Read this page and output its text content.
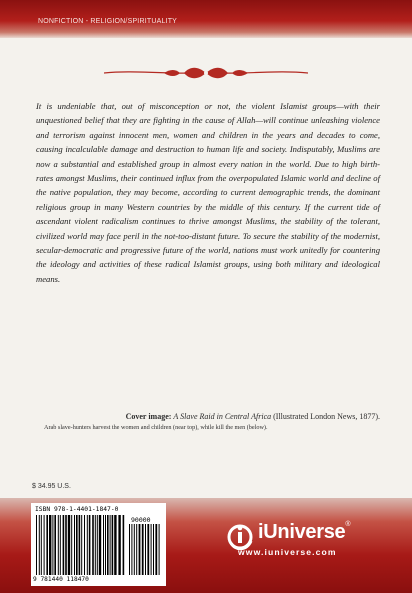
NONFICTION - RELIGION/SPIRITUALITY
It is undeniable that, out of misconception or not, the violent Islamist groups—with their unquestioned belief that they are fighting in the cause of Allah—will continue unleashing violence and terrorism against innocent men, women and children in the years and decades to come, causing incalculable damage and destruction to human life and society. Indisputably, Muslims are now a substantial and established group in almost every nation in the world. Due to high birth-rates amongst Muslims, their continued influx from the overpopulated Islamic world and decline of the native population, they may become, according to current demographic trends, the dominant religious group in many Western countries by the middle of this century. If the current tide of ascendant violent radicalism continues to thrive amongst Muslims, the stability of the tolerant, civilized world may face peril in the not-too-distant future. To secure the stability of the modernist, secular-democratic and progressive future of the world, nations must work unitedly for countering the ideology and activities of these radical Islamist groups, using both military and ideological means.
Cover image: A Slave Raid in Central Africa (Illustrated London News, 1877).
Arab slave-hunters harvest the women and children (near top), while kill the men (below).
$ 34.95 U.S.
ISBN 978-1-4401-1847-0
90000
9 781440 118470
iUniverse®
www.iuniverse.com
